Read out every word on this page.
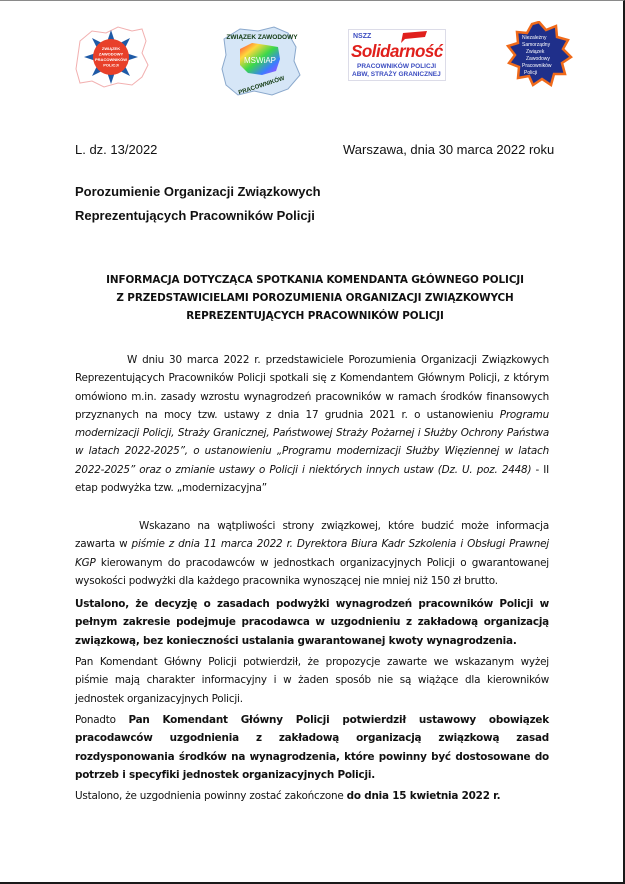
ZWIĄZEK
ZAWODOWY
PRACOWNIKÓW
POLICJI	MSWiAP
ZWIĄZEK ZAWODOWY
PRACOWNIKÓW
NSZZ
Solidarność
PRACOWNIKÓW POLICJI
ABW, STRAŻY GRANICZNEJ
Niezależny
Samorządny
Związek
Zawodowy
Pracowników
Policji
L. dz. 13/2022	Warszawa, dnia 30 marca 2022 roku
Porozumienie Organizacji Związkowych
Reprezentujących Pracowników Policji
INFORMACJA DOTYCZĄCA SPOTKANIA KOMENDANTA GŁÓWNEGO POLICJI
Z PRZEDSTAWICIELAMI POROZUMIENIA ORGANIZACJI ZWIĄZKOWYCH
REPREZENTUJĄCYCH PRACOWNIKÓW POLICJI
W dniu 30 marca 2022 r. przedstawiciele Porozumienia Organizacji Związkowych Reprezentujących Pracowników Policji spotkali się z Komendantem Głównym Policji, z którym omówiono m.in. zasady wzrostu wynagrodzeń pracowników w ramach środków finansowych przyznanych na mocy tzw. ustawy z dnia 17 grudnia 2021 r. o ustanowieniu Programu modernizacji Policji, Straży Granicznej, Państwowej Straży Pożarnej i Służby Ochrony Państwa w latach 2022-2025”, o ustanowieniu „Programu modernizacji Służby Więziennej w latach 2022-2025” oraz o zmianie ustawy o Policji i niektórych innych ustaw (Dz. U. poz. 2448) - II etap podwyżka tzw. „modernizacyjna”
Wskazano na wątpliwości strony związkowej, które budzić może informacja zawarta w piśmie z dnia 11 marca 2022 r. Dyrektora Biura Kadr Szkolenia i Obsługi Prawnej KGP kierowanym do pracodawców w jednostkach organizacyjnych Policji o gwarantowanej wysokości podwyżki dla każdego pracownika wynoszącej nie mniej niż 150 zł brutto.
Ustalono, że decyzję o zasadach podwyżki wynagrodzeń pracowników Policji w pełnym zakresie podejmuje pracodawca w uzgodnieniu z zakładową organizacją związkową, bez konieczności ustalania gwarantowanej kwoty wynagrodzenia.
Pan Komendant Główny Policji potwierdził, że propozycje zawarte we wskazanym wyżej piśmie mają charakter informacyjny i w żaden sposób nie są wiążące dla kierowników jednostek organizacyjnych Policji.
Ponadto Pan Komendant Główny Policji potwierdził ustawowy obowiązek pracodawców uzgodnienia z zakładową organizacją związkową zasad rozdysponowania środków na wynagrodzenia, które powinny być dostosowane do potrzeb i specyfiki jednostek organizacyjnych Policji.
Ustalono, że uzgodnienia powinny zostać zakończone do dnia 15 kwietnia 2022 r.
